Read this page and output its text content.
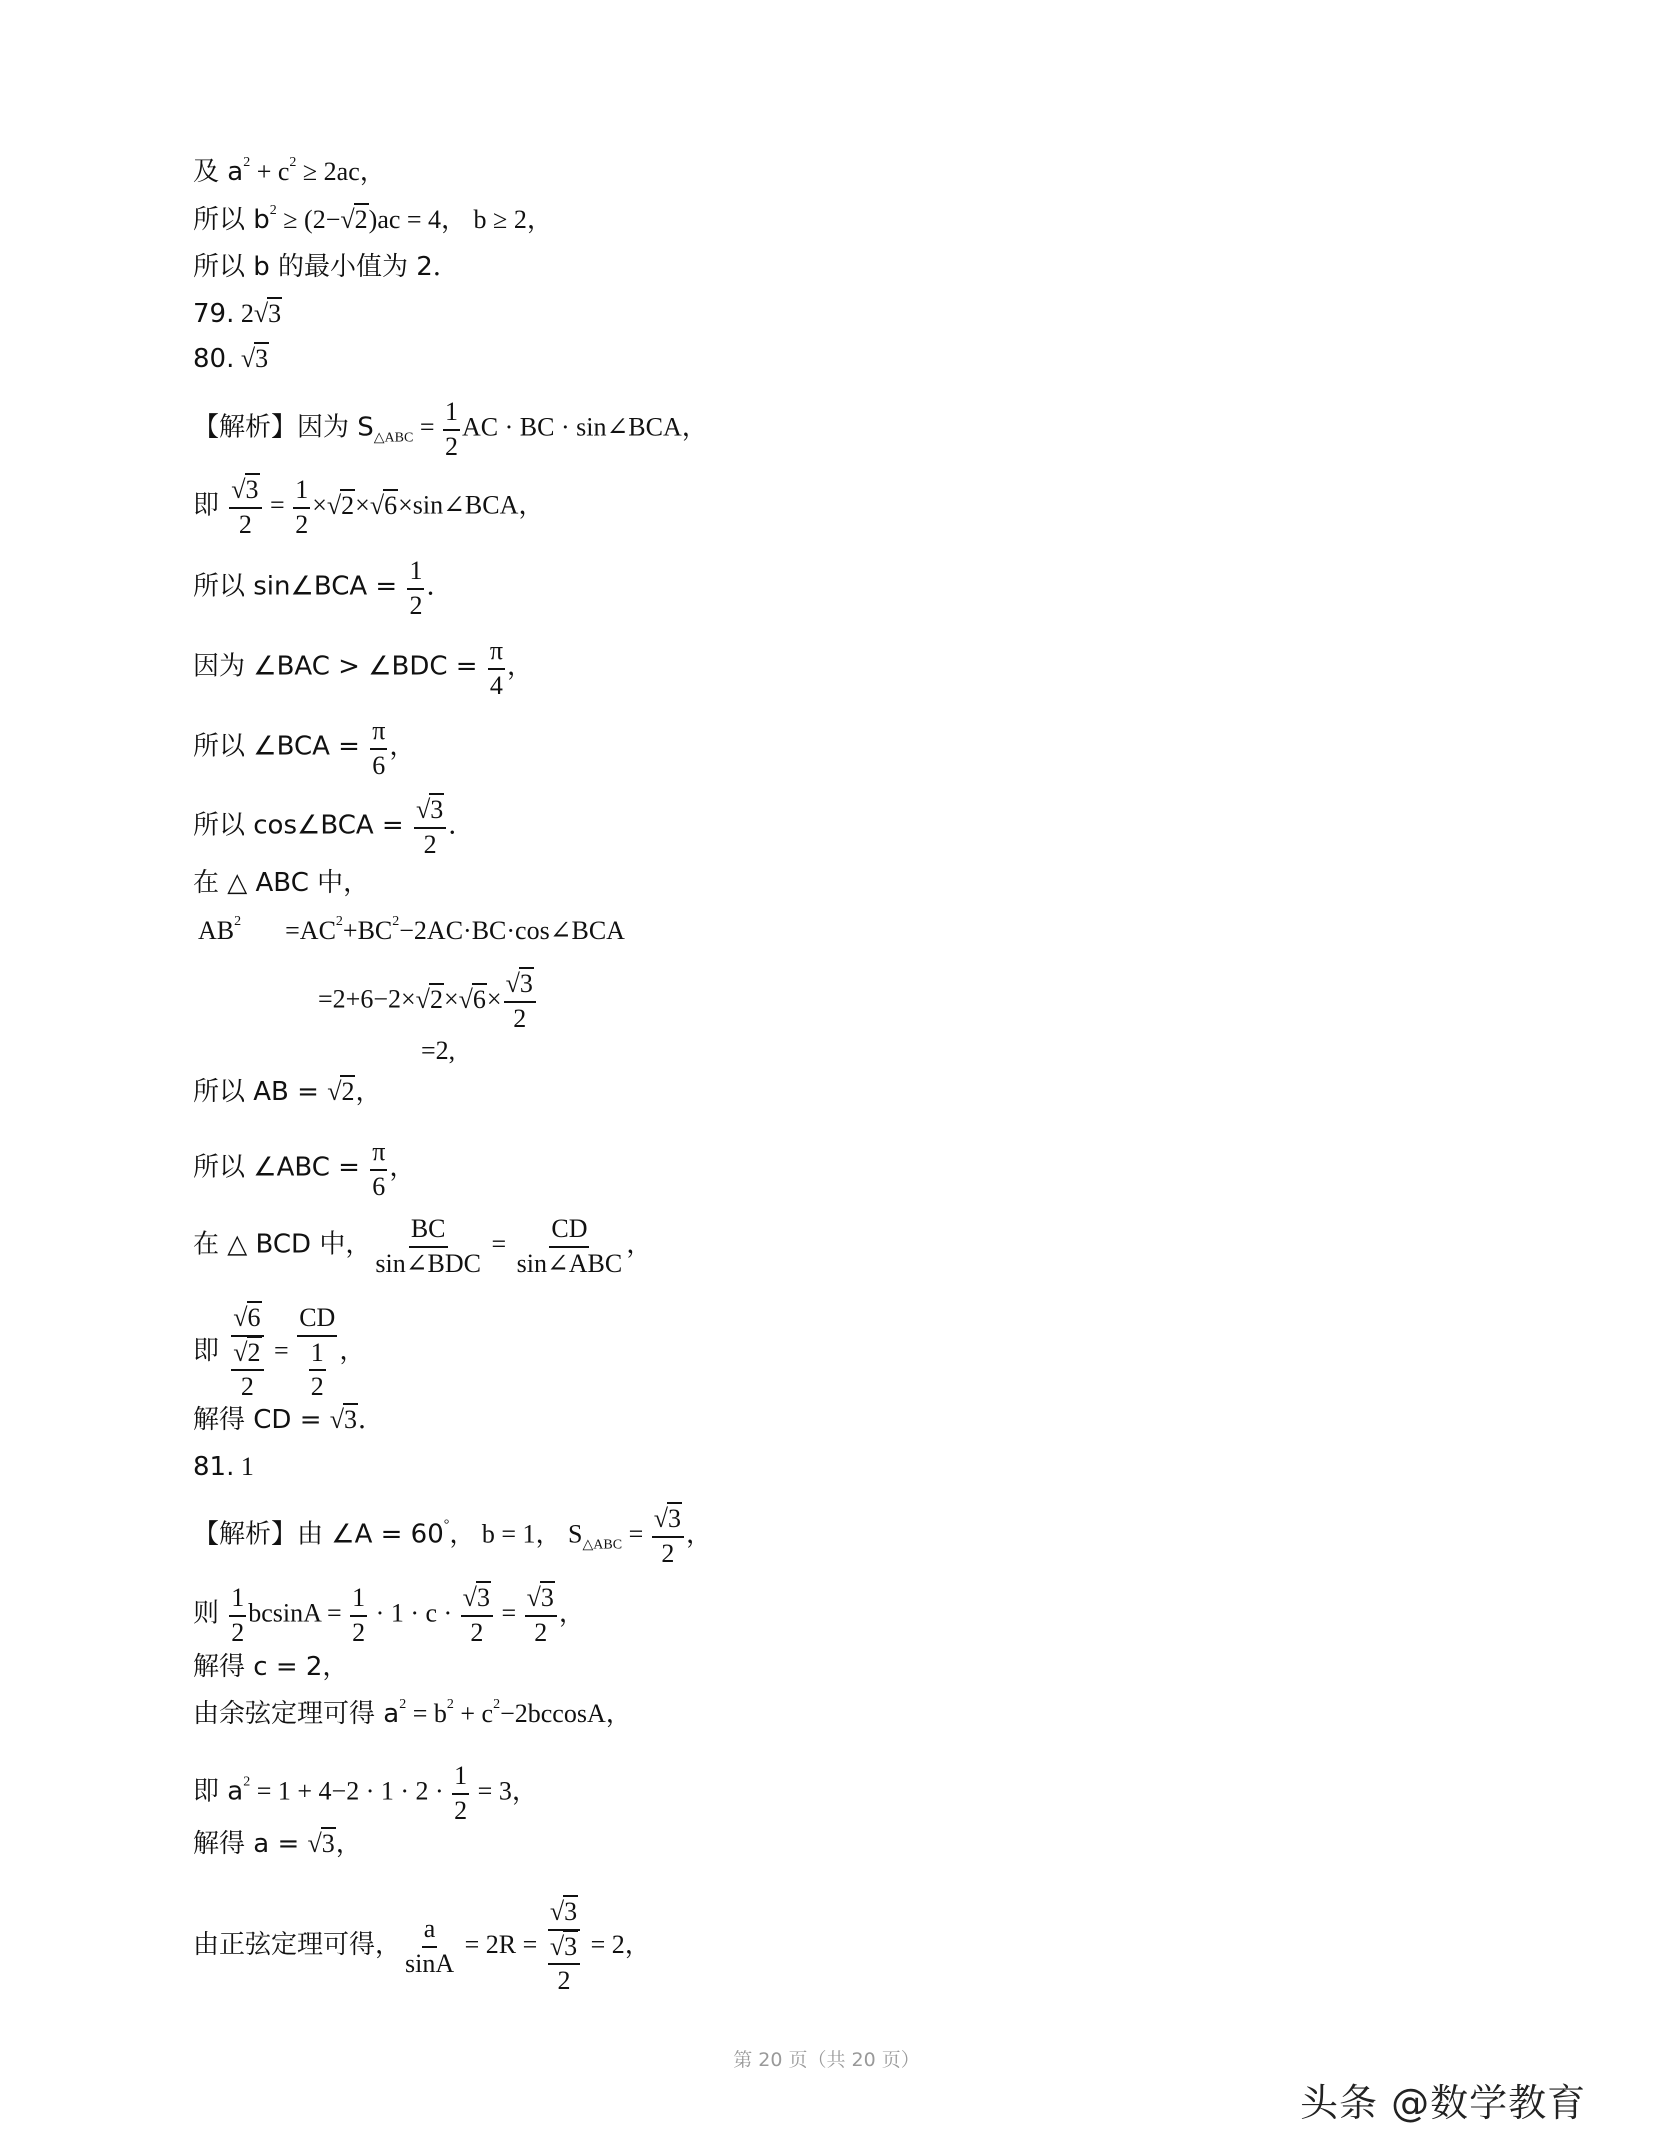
及 $a^2 + c^2 \ge 2ac$，
所以 $b^2 \ge (2-√2)ac = 4$， b ≥ 2，
所以 b 的最小值为 2．
79. 2√3
80. √3
【解析】因为 $S_{\triangle ABC} = \frac{1}{2}$ AC · BC · sin∠BCA，
即 $\frac{√3}{2} = \frac{1}{2}$ ×√2×√6×sin∠BCA，
所以 sin∠BCA = $\frac{1}{2}$ ．
因为 ∠BAC > ∠BDC = $\frac{\pi}{4}$ ，
所以 ∠BCA = $\frac{\pi}{6}$ ，
所以 cos∠BCA = $\frac{√3}{2}$ ．
在 △ ABC 中，
$AB^2$ $=AC^2+BC^2-2AC\cdot BC\cdot\cos\angle BCA$
$=2+6-2\times√2\times√6\times \frac{√3}{2}$
=2,
所以 AB = √2，
所以 ∠ABC = $\frac{\pi}{6}$ ，
在 △ BCD 中， $\frac{BC}{\text{sin∠BDC}} = \frac{CD}{\text{sin∠ABC}}$ ，
即 $\frac{√6}{\frac{√2}{2}} = \frac{CD}{\frac{1}{2}}$ ，
解得 CD = √3．
81. 1
【解析】由 ∠A = 60°， b = 1， $S_{\triangle ABC} = \frac{√3}{2}$ ，
则 $\frac{1}{2}$ $bcsinA = \frac{1}{2} \cdot 1 \cdot c \cdot \frac{√3}{2} = \frac{√3}{2}$ ，
解得 c = 2，
由余弦定理可得 $a^2 = b^2 + c^2-2bccosA$，
即 $a^2 = 1 + 4-2 \cdot 1 \cdot 2 \cdot \frac{1}{2} = 3$，
解得 a = √3，
由正弦定理可得， $\frac{a}{\sin A} = 2R = \frac{√3}{\frac{√3}{2}} = 2$，
第 20 页（共 20 页）
头条 @数学教育
